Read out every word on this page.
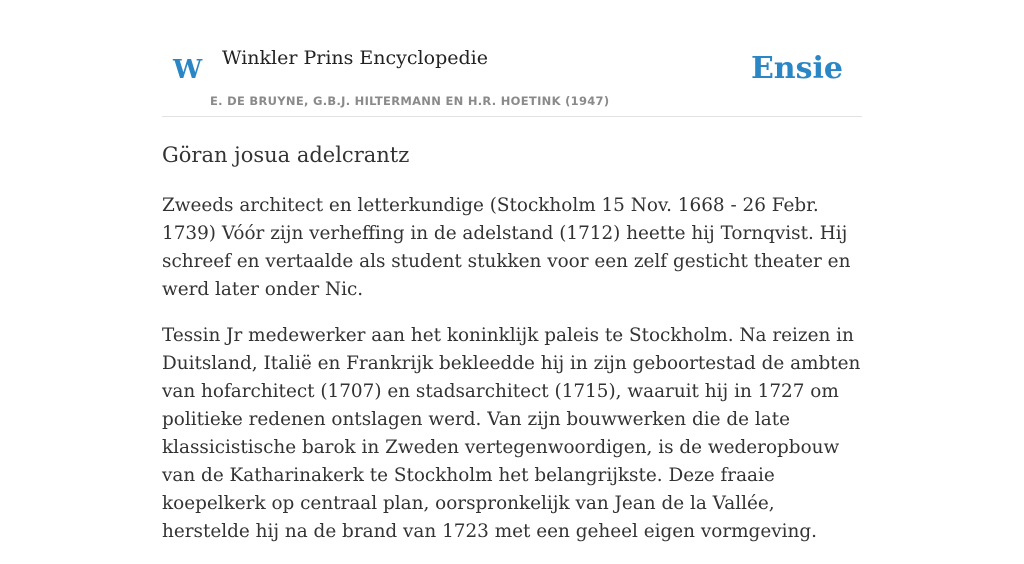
W Winkler Prins Encyclopedie
E. DE BRUYNE, G.B.J. HILTERMANN EN H.R. HOETINK (1947)
Ensie
Göran josua adelcrantz

Zweeds architect en letterkundige (Stockholm 15 Nov. 1668 - 26 Febr. 1739) Vóór zijn verheffing in de adelstand (1712) heette hij Tornqvist. Hij schreef en vertaalde als student stukken voor een zelf gesticht theater en werd later onder Nic.

Tessin Jr medewerker aan het koninklijk paleis te Stockholm. Na reizen in Duitsland, Italië en Frankrijk bekleedde hij in zijn geboortestad de ambten van hofarchitect (1707) en stadsarchitect (1715), waaruit hij in 1727 om politieke redenen ontslagen werd. Van zijn bouwwerken die de late klassicistische barok in Zweden vertegenwoordigen, is de wederopbouw van de Katharinakerk te Stockholm het belangrijkste. Deze fraaie koepelkerk op centraal plan, oorspronkelijk van Jean de la Vallée, herstelde hij na de brand van 1723 met een geheel eigen vormgeving.
